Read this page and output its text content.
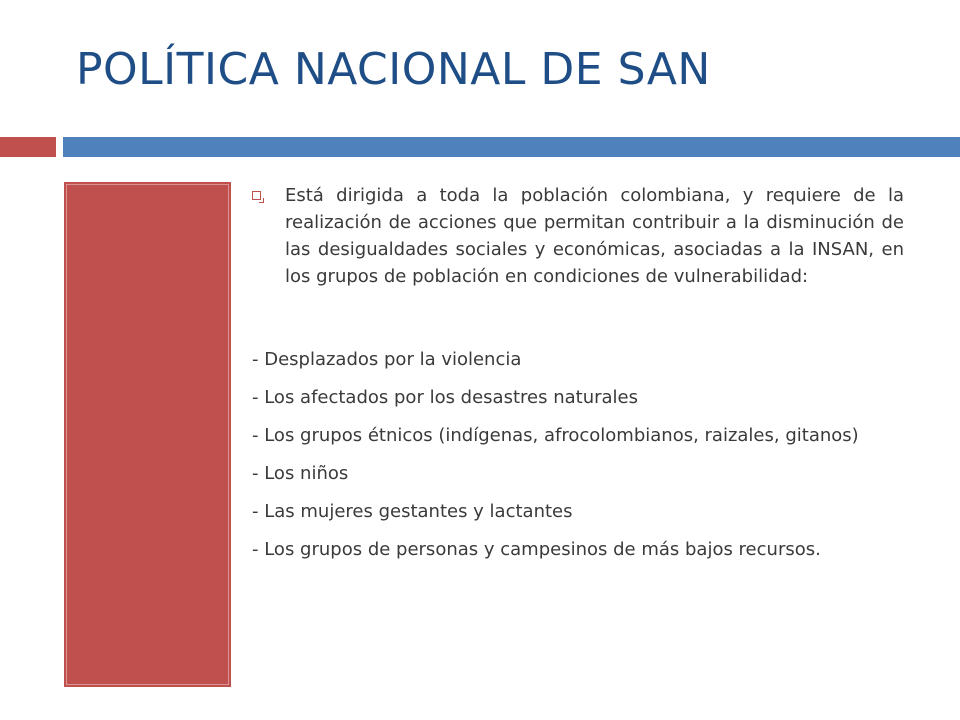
POLÍTICA NACIONAL DE SAN

Está dirigida a toda la población colombiana, y requiere de la realización de acciones que permitan contribuir a la disminución de las desigualdades sociales y económicas, asociadas a la INSAN, en los grupos de población en condiciones de vulnerabilidad:

- Desplazados por la violencia
- Los afectados por los desastres naturales
- Los grupos étnicos (indígenas, afrocolombianos, raizales, gitanos)
- Los niños
- Las mujeres gestantes y lactantes
- Los grupos de personas y campesinos de más bajos recursos.
